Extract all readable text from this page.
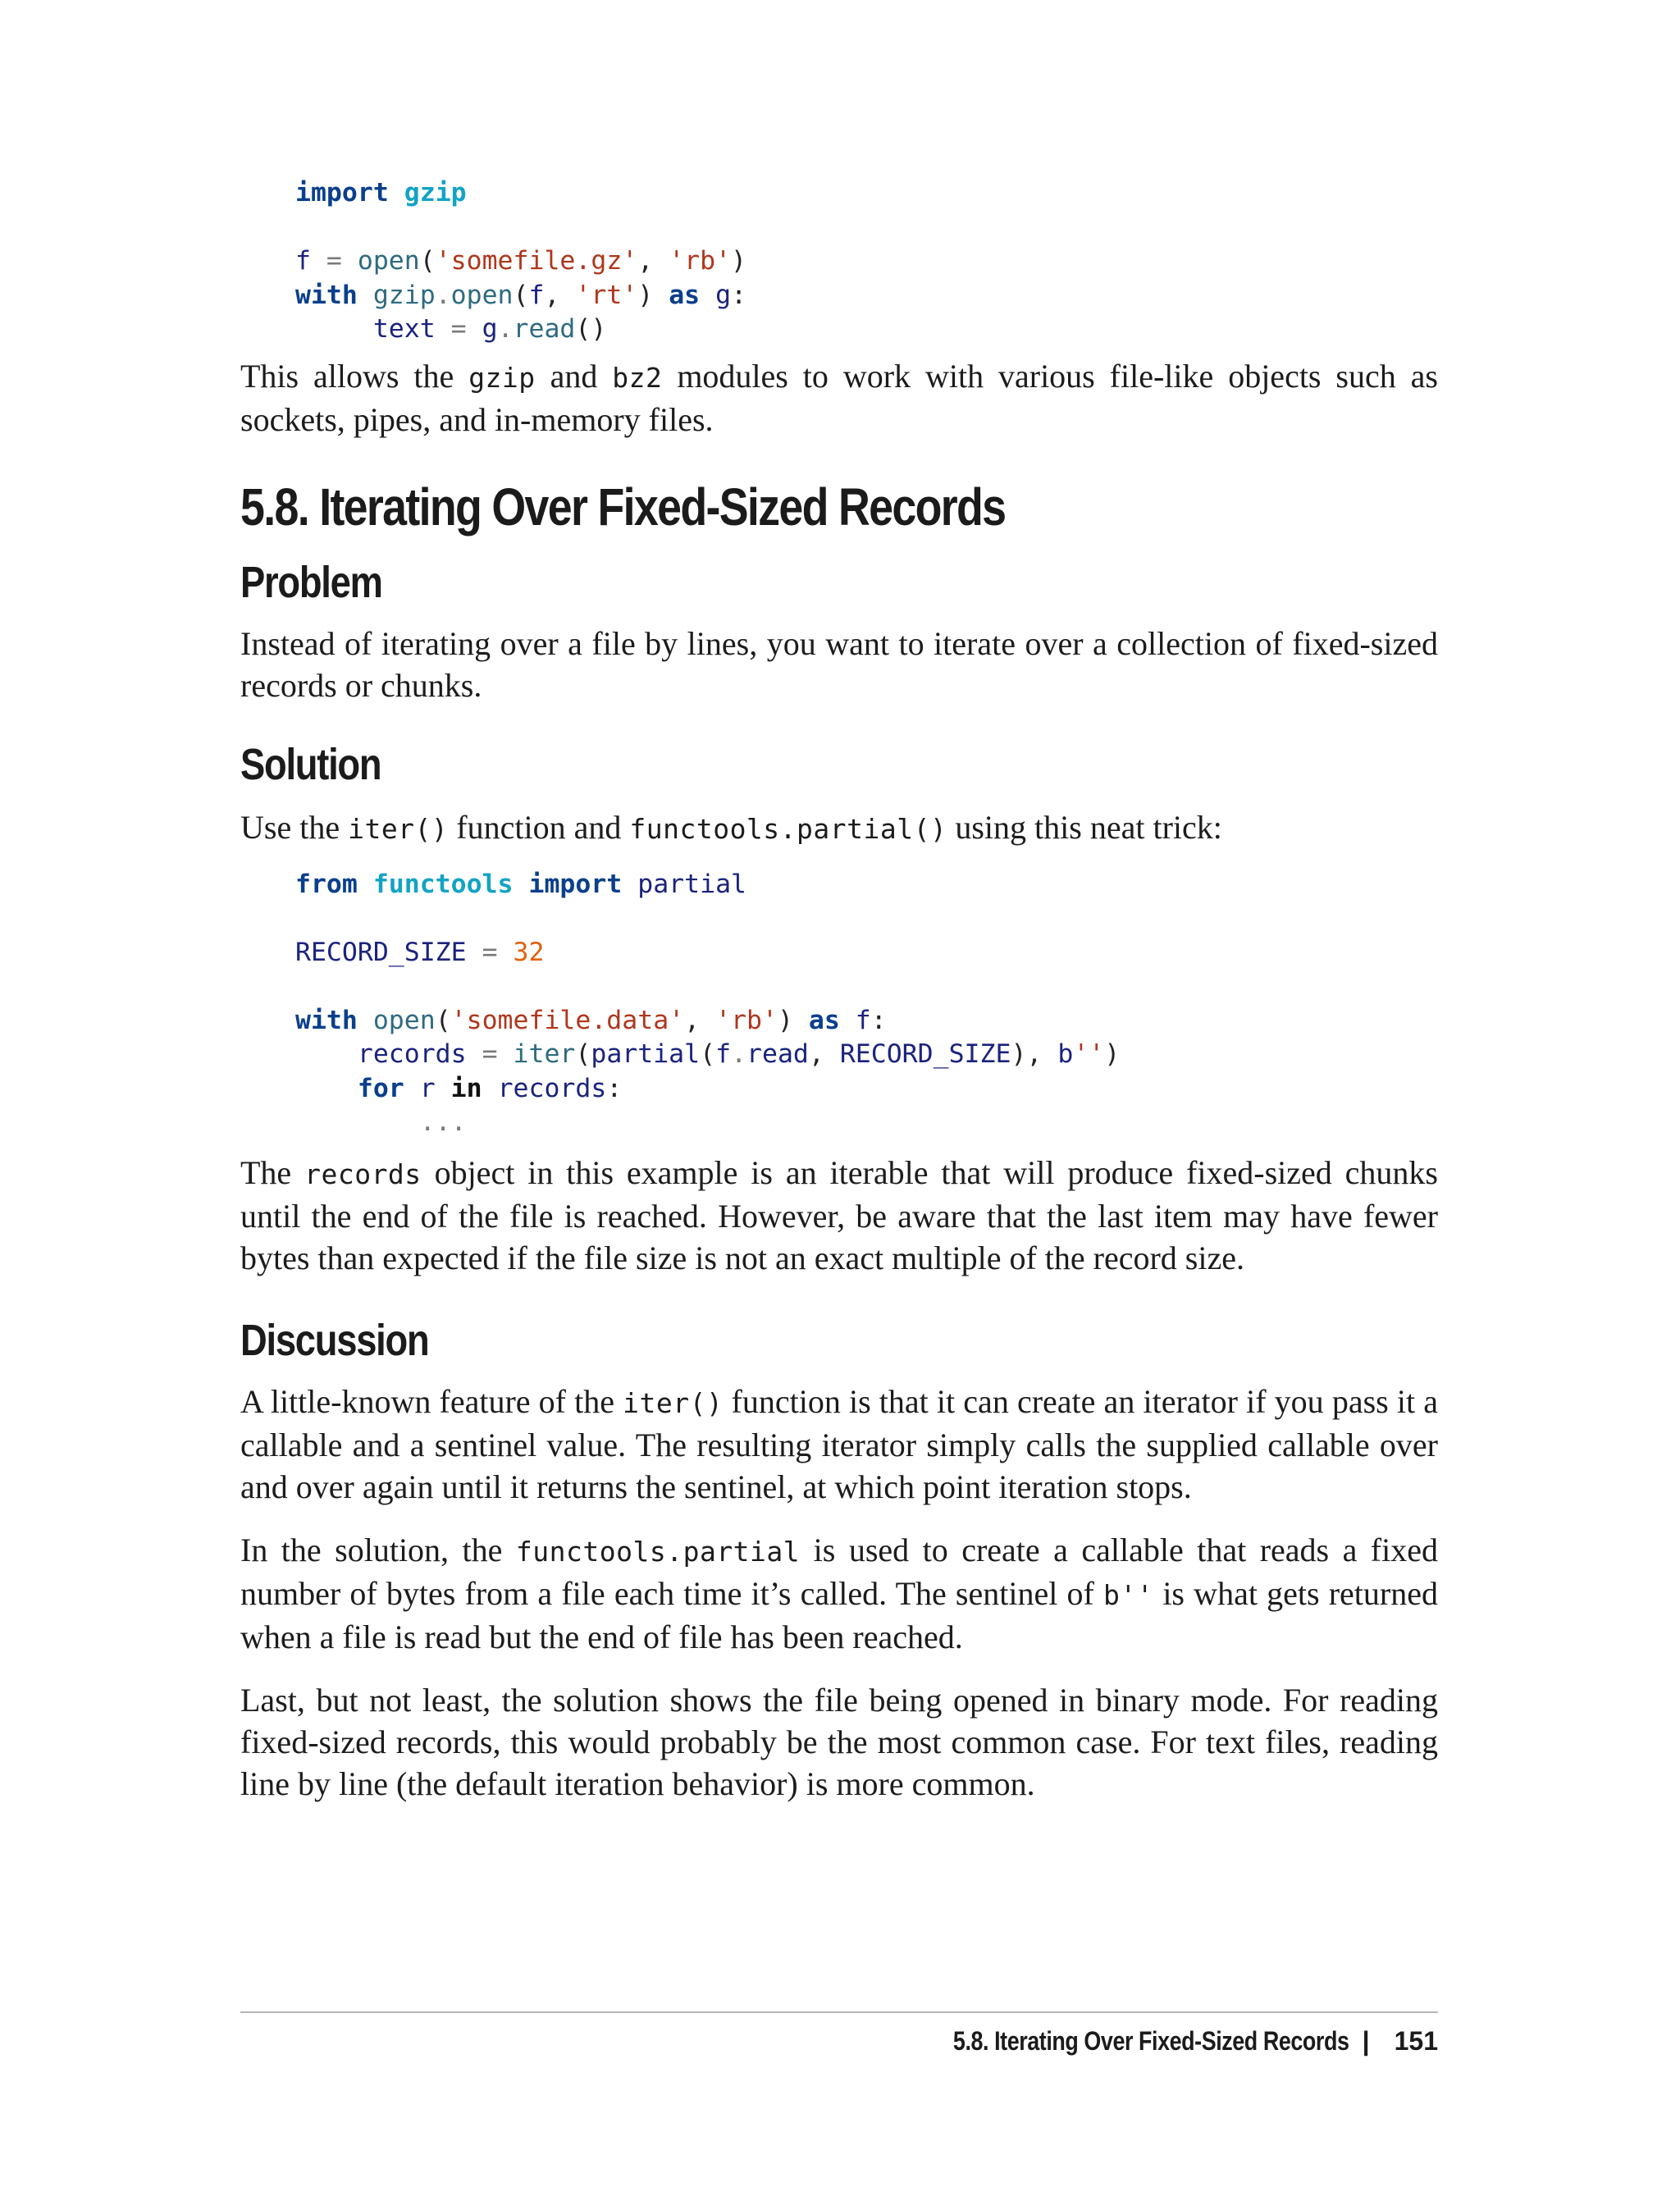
import gzip

f = open('somefile.gz', 'rb')
with gzip.open(f, 'rt') as g:
text = g.read()

This allows the gzip and bz2 modules to work with various file-like objects such as sockets, pipes, and in-memory files.

5.8. Iterating Over Fixed-Sized Records
Problem

Instead of iterating over a file by lines, you want to iterate over a collection of fixed-sized records or chunks.

Solution

Use the iter() function and functools.partial() using this neat trick:

from functools import partial

RECORD_SIZE = 32

with open('somefile.data', 'rb') as f:
records = iter(partial(f.read, RECORD_SIZE), b'')
for r in records:
...

The records object in this example is an iterable that will produce fixed-sized chunks until the end of the file is reached. However, be aware that the last item may have fewer bytes than expected if the file size is not an exact multiple of the record size.

Discussion

A little-known feature of the iter() function is that it can create an iterator if you pass it a callable and a sentinel value. The resulting iterator simply calls the supplied callable over and over again until it returns the sentinel, at which point iteration stops.

In the solution, the functools.partial is used to create a callable that reads a fixed number of bytes from a file each time it’s called. The sentinel of b'' is what gets returned when a file is read but the end of file has been reached.

Last, but not least, the solution shows the file being opened in binary mode. For reading fixed-sized records, this would probably be the most common case. For text files, reading line by line (the default iteration behavior) is more common.

5.8. Iterating Over Fixed-Sized Records | 151
